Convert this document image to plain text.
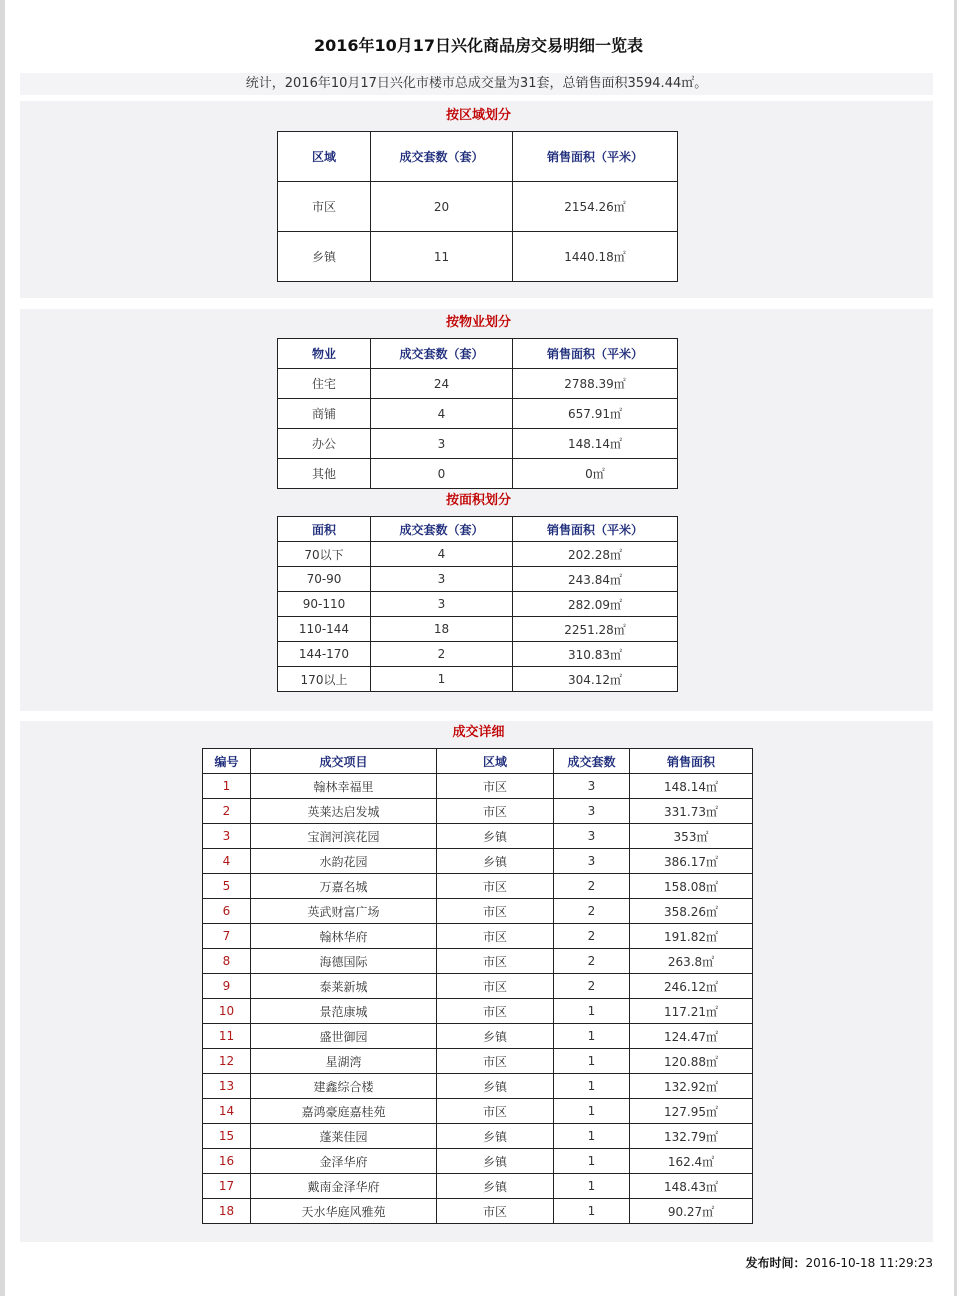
2016年10月17日兴化商品房交易明细一览表
统计，2016年10月17日兴化市楼市总成交量为31套，总销售面积3594.44㎡。
按区域划分
区域	成交套数（套）	销售面积（平米）
市区	20	2154.26㎡
乡镇	11	1440.18㎡
按物业划分
物业	成交套数（套）	销售面积（平米）
住宅	24	2788.39㎡
商铺	4	657.91㎡
办公	3	148.14㎡
其他	0	0㎡
按面积划分
面积	成交套数（套）	销售面积（平米）
70以下	4	202.28㎡
70-90	3	243.84㎡
90-110	3	282.09㎡
110-144	18	2251.28㎡
144-170	2	310.83㎡
170以上	1	304.12㎡
成交详细
编号	成交项目	区域	成交套数	销售面积
1	翰林幸福里	市区	3	148.14㎡
2	英莱达启发城	市区	3	331.73㎡
3	宝润河滨花园	乡镇	3	353㎡
4	水韵花园	乡镇	3	386.17㎡
5	万嘉名城	市区	2	158.08㎡
6	英武财富广场	市区	2	358.26㎡
7	翰林华府	市区	2	191.82㎡
8	海德国际	市区	2	263.8㎡
9	泰莱新城	市区	2	246.12㎡
10	景范康城	市区	1	117.21㎡
11	盛世御园	乡镇	1	124.47㎡
12	星湖湾	市区	1	120.88㎡
13	建鑫综合楼	乡镇	1	132.92㎡
14	嘉鸿豪庭嘉桂苑	市区	1	127.95㎡
15	蓬莱佳园	乡镇	1	132.79㎡
16	金泽华府	乡镇	1	162.4㎡
17	戴南金泽华府	乡镇	1	148.43㎡
18	天水华庭风雅苑	市区	1	90.27㎡
发布时间：2016-10-18 11:29:23
